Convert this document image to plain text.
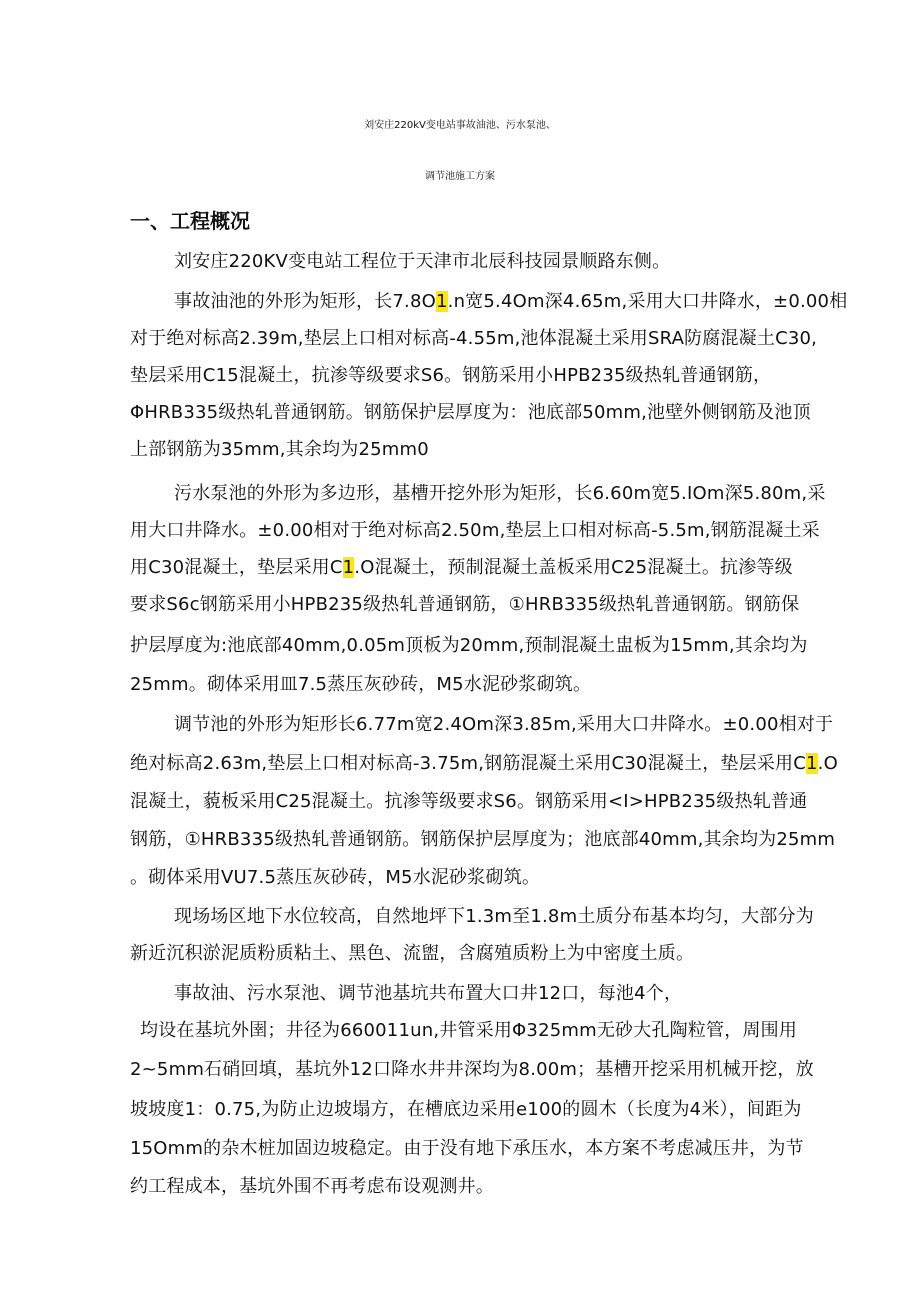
刘安庄220kV变电站事故油池、污水泵池、
调节池施工方案
一、工程概况

刘安庄220KV变电站工程位于天津市北辰科技园景顺路东侧。

事故油池的外形为矩形，长7.8O1.n宽5.4Om深4.65m,采用大口井降水，±0.00相

对于绝对标高2.39m,垫层上口相对标高-4.55m,池体混凝土采用SRA防腐混凝土C30,

垫层采用C15混凝土，抗渗等级要求S6。钢筋采用小HPB235级热轧普通钢筋，

ΦHRB335级热轧普通钢筋。钢筋保护层厚度为：池底部50mm,池壁外侧钢筋及池顶

上部钢筋为35mm,其余均为25mm0

污水泵池的外形为多边形，基槽开挖外形为矩形，长6.60m宽5.IOm深5.80m,采

用大口井降水。±0.00相对于绝对标高2.50m,垫层上口相对标高-5.5m,钢筋混凝土采

用C30混凝土，垫层采用C1.O混凝土，预制混凝土盖板采用C25混凝土。抗渗等级

要求S6c钢筋采用小HPB235级热轧普通钢筋，①HRB335级热轧普通钢筋。钢筋保

护层厚度为:池底部40mm,0.05m顶板为20mm,预制混凝土盅板为15mm,其余均为

25mm。砌体采用皿7.5蒸压灰砂砖，M5水泥砂浆砌筑。

调节池的外形为矩形长6.77m宽2.4Om深3.85m,采用大口井降水。±0.00相对于

绝对标高2.63m,垫层上口相对标高-3.75m,钢筋混凝土采用C30混凝土，垫层采用C1.O

混凝土，藐板采用C25混凝土。抗渗等级要求S6。钢筋采用<I>HPB235级热轧普通

钢筋，①HRB335级热轧普通钢筋。钢筋保护层厚度为；池底部40mm,其余均为25mm

。砌体采用VU7.5蒸压灰砂砖，M5水泥砂浆砌筑。

现场场区地下水位较高，自然地坪下1.3m至1.8m土质分布基本均匀，大部分为

新近沉积淤泥质粉质粘土、黑色、流盥，含腐殖质粉上为中密度土质。

事故油、污水泵池、调节池基坑共布置大口井12口，每池4个，

均设在基坑外圉；井径为660011un,井管采用Φ325mm无砂大孔陶粒管，周围用

2~5mm石硝回填，基坑外12口降水井井深均为8.00m；基槽开挖采用机械开挖，放

坡坡度1：0.75,为防止边坡塌方，在槽底边采用e100的圆木（长度为4米），间距为

15Omm的杂木桩加固边坡稳定。由于没有地下承压水，本方案不考虑减压井，为节

约工程成本，基坑外围不再考虑布设观测井。
